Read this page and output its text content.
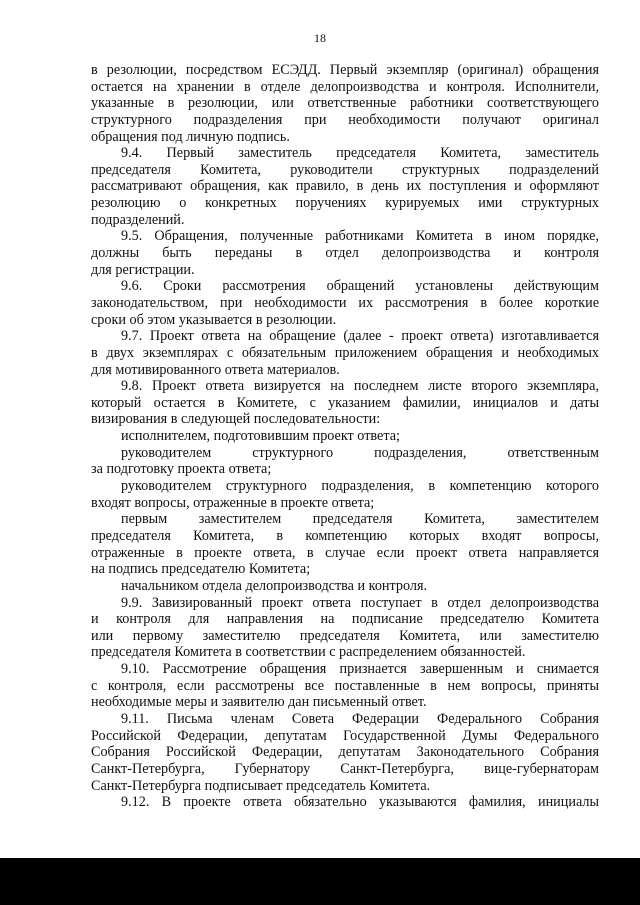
18
в резолюции, посредством ЕСЭДД. Первый экземпляр (оригинал) обращения
остается на хранении в отделе делопроизводства и контроля. Исполнители,
указанные в резолюции, или ответственные работники соответствующего
структурного подразделения при необходимости получают оригинал
обращения под личную подпись.
9.4. Первый заместитель председателя Комитета, заместитель
председателя Комитета, руководители структурных подразделений
рассматривают обращения, как правило, в день их поступления и оформляют
резолюцию о конкретных поручениях курируемых ими структурных
подразделений.
9.5. Обращения, полученные работниками Комитета в ином порядке,
должны быть переданы в отдел делопроизводства и контроля
для регистрации.
9.6. Сроки рассмотрения обращений установлены действующим
законодательством, при необходимости их рассмотрения в более короткие
сроки об этом указывается в резолюции.
9.7. Проект ответа на обращение (далее - проект ответа) изготавливается
в двух экземплярах с обязательным приложением обращения и необходимых
для мотивированного ответа материалов.
9.8. Проект ответа визируется на последнем листе второго экземпляра,
который остается в Комитете, с указанием фамилии, инициалов и даты
визирования в следующей последовательности:
исполнителем, подготовившим проект ответа;
руководителем структурного подразделения, ответственным
за подготовку проекта ответа;
руководителем структурного подразделения, в компетенцию которого
входят вопросы, отраженные в проекте ответа;
первым заместителем председателя Комитета, заместителем
председателя Комитета, в компетенцию которых входят вопросы,
отраженные в проекте ответа, в случае если проект ответа направляется
на подпись председателю Комитета;
начальником отдела делопроизводства и контроля.
9.9. Завизированный проект ответа поступает в отдел делопроизводства
и контроля для направления на подписание председателю Комитета
или первому заместителю председателя Комитета, или заместителю
председателя Комитета в соответствии с распределением обязанностей.
9.10. Рассмотрение обращения признается завершенным и снимается
с контроля, если рассмотрены все поставленные в нем вопросы, приняты
необходимые меры и заявителю дан письменный ответ.
9.11. Письма членам Совета Федерации Федерального Собрания
Российской Федерации, депутатам Государственной Думы Федерального
Собрания Российской Федерации, депутатам Законодательного Собрания
Санкт-Петербурга, Губернатору Санкт-Петербурга, вице-губернаторам
Санкт-Петербурга подписывает председатель Комитета.
9.12. В проекте ответа обязательно указываются фамилия, инициалы
